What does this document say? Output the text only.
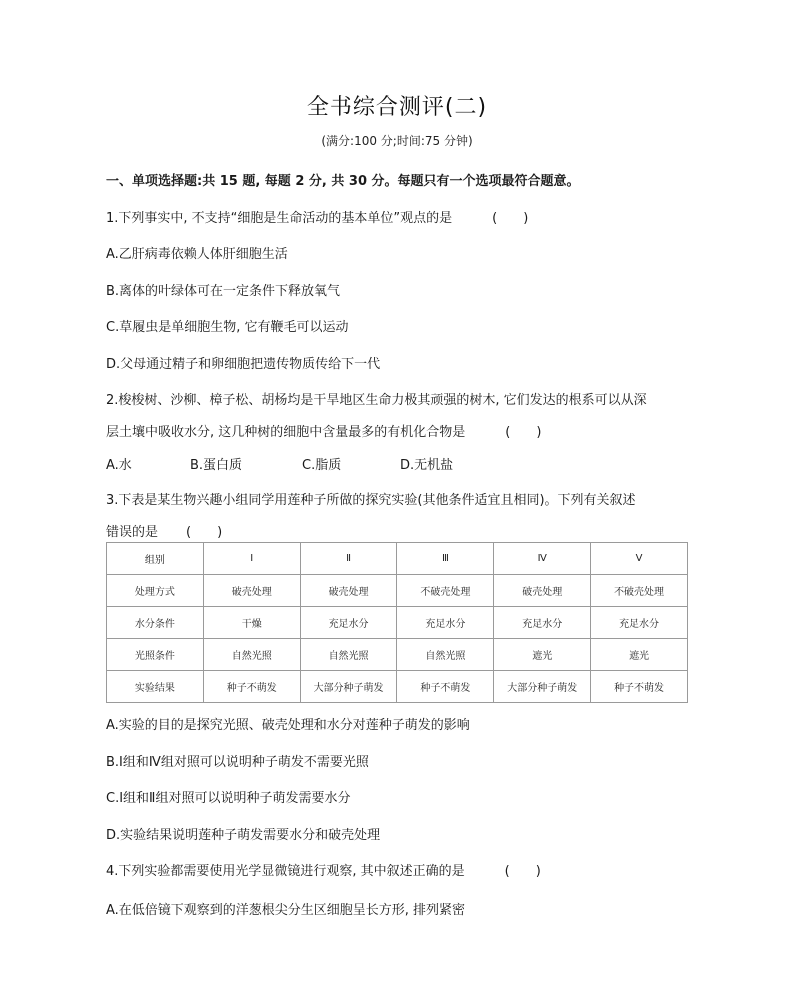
全书综合测评(二)
(满分:100 分;时间:75 分钟)
一、单项选择题:共 15 题, 每题 2 分, 共 30 分。每题只有一个选项最符合题意。
1.下列事实中, 不支持“细胞是生命活动的基本单位”观点的是	(　　)
A.乙肝病毒依赖人体肝细胞生活
B.离体的叶绿体可在一定条件下释放氧气
C.草履虫是单细胞生物, 它有鞭毛可以运动
D.父母通过精子和卵细胞把遗传物质传给下一代
2.梭梭树、沙柳、樟子松、胡杨均是干旱地区生命力极其顽强的树木, 它们发达的根系可以从深
层土壤中吸收水分, 这几种树的细胞中含量最多的有机化合物是	(　　)
A.水	B.蛋白质	C.脂质	D.无机盐
3.下表是某生物兴趣小组同学用莲种子所做的探究实验(其他条件适宜且相同)。下列有关叙述
错误的是 (　　)
组别	Ⅰ	Ⅱ	Ⅲ	Ⅳ	Ⅴ
处理方式	破壳处理	破壳处理	不破壳处理	破壳处理	不破壳处理
水分条件	干燥	充足水分	充足水分	充足水分	充足水分
光照条件	自然光照	自然光照	自然光照	遮光	遮光
实验结果	种子不萌发	大部分种子萌发	种子不萌发	大部分种子萌发	种子不萌发
A.实验的目的是探究光照、破壳处理和水分对莲种子萌发的影响
B.Ⅰ组和Ⅳ组对照可以说明种子萌发不需要光照
C.Ⅰ组和Ⅱ组对照可以说明种子萌发需要水分
D.实验结果说明莲种子萌发需要水分和破壳处理
4.下列实验都需要使用光学显微镜进行观察, 其中叙述正确的是	(　　)
A.在低倍镜下观察到的洋葱根尖分生区细胞呈长方形, 排列紧密
